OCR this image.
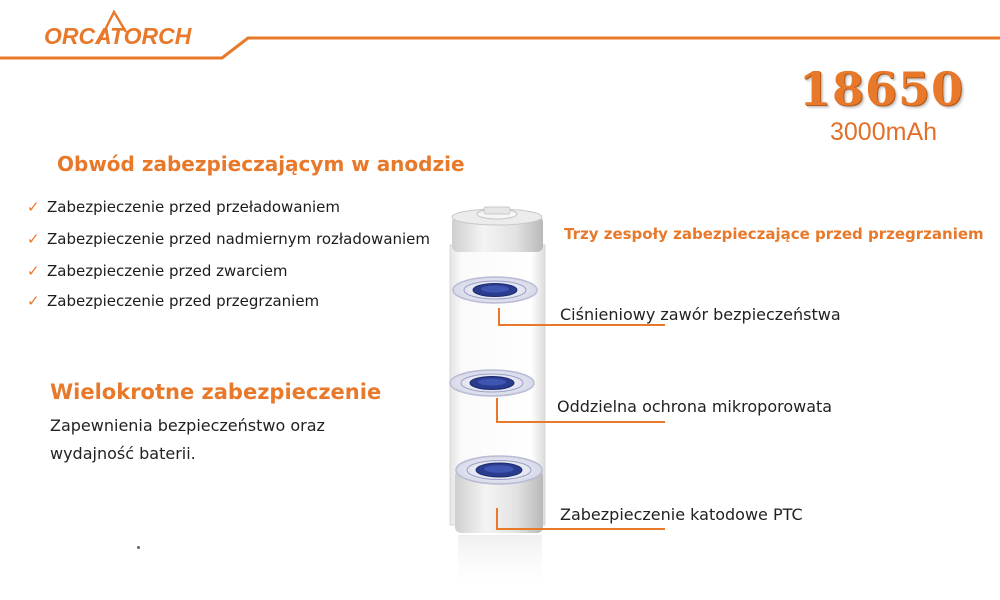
ORCATORCH
18650
3000mAh
Obwód zabezpieczającym w anodzie
✓ Zabezpieczenie przed przeładowaniem
✓ Zabezpieczenie przed nadmiernym rozładowaniem
✓ Zabezpieczenie przed zwarciem
✓ Zabezpieczenie przed przegrzaniem
Wielokrotne zabezpieczenie
Zapewnienia bezpieczeństwo oraz
wydajność baterii.
Trzy zespoły zabezpieczające przed przegrzaniem
Ciśnieniowy zawór bezpieczeństwa
Oddzielna ochrona mikroporowata
Zabezpieczenie katodowe PTC
